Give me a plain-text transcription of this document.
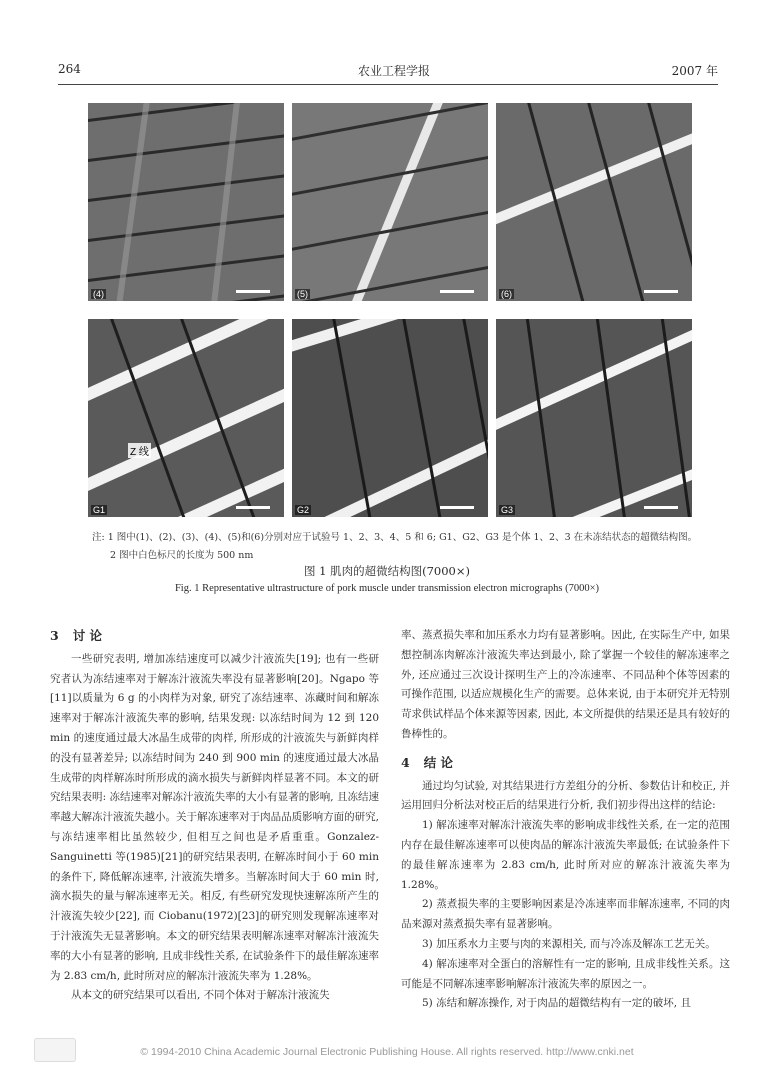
264	农业工程学报	2007 年
(4)	(5)	(6)
Z 线
G1	G2	G3
注: 1 图中(1)、(2)、(3)、(4)、(5)和(6)分别对应于试验号 1、2、3、4、5 和 6; G1、G2、G3 是个体 1、2、3 在未冻结状态的超微结构图。
2 图中白色标尺的长度为 500 nm
图 1 肌肉的超微结构图(7000×)
Fig. 1 Representative ultrastructure of pork muscle under transmission electron micrographs (7000×)
3 讨 论

一些研究表明, 增加冻结速度可以减少汁液流失[19]; 也有一些研究者认为冻结速率对于解冻汁液流失率没有显著影响[20]。Ngapo 等[11]以质量为 6 g 的小肉样为对象, 研究了冻结速率、冻藏时间和解冻速率对于解冻汁液流失率的影响, 结果发现: 以冻结时间为 12 到 120 min 的速度通过最大冰晶生成带的肉样, 所形成的汁液流失与新鲜肉样的没有显著差异; 以冻结时间为 240 到 900 min 的速度通过最大冰晶生成带的肉样解冻时所形成的滴水损失与新鲜肉样显著不同。本文的研究结果表明: 冻结速率对解冻汁液流失率的大小有显著的影响, 且冻结速率越大解冻汁液流失越小。关于解冻速率对于肉品品质影响方面的研究, 与冻结速率相比虽然较少, 但相互之间也是矛盾重重。Gonzalez-Sanguinetti 等(1985)[21]的研究结果表明, 在解冻时间小于 60 min 的条件下, 降低解冻速率, 汁液流失增多。当解冻时间大于 60 min 时, 滴水损失的量与解冻速率无关。相反, 有些研究发现快速解冻所产生的汁液流失较少[22], 而 Ciobanu(1972)[23]的研究则发现解冻速率对于汁液流失无显著影响。本文的研究结果表明解冻速率对解冻汁液流失率的大小有显著的影响, 且成非线性关系, 在试验条件下的最佳解冻速率为 2.83 cm/h, 此时所对应的解冻汁液流失率为 1.28%。

从本文的研究结果可以看出, 不同个体对于解冻汁液流失

率、蒸煮损失率和加压系水力均有显著影响。因此, 在实际生产中, 如果想控制冻肉解冻汁液流失率达到最小, 除了掌握一个较佳的解冻速率之外, 还应通过三次设计探明生产上的冷冻速率、不同品种个体等因素的可操作范围, 以适应规模化生产的需要。总体来说, 由于本研究并无特别苛求供试样品个体来源等因素, 因此, 本文所提供的结果还是具有较好的鲁棒性的。

4 结 论

通过均匀试验, 对其结果进行方差组分的分析、参数估计和校正, 并运用回归分析法对校正后的结果进行分析, 我们初步得出这样的结论:

1) 解冻速率对解冻汁液流失率的影响成非线性关系, 在一定的范围内存在最佳解冻速率可以使肉品的解冻汁液流失率最低; 在试验条件下的最佳解冻速率为 2.83 cm/h, 此时所对应的解冻汁液流失率为 1.28%。

2) 蒸煮损失率的主要影响因素是冷冻速率而非解冻速率, 不同的肉品来源对蒸煮损失率有显著影响。

3) 加压系水力主要与肉的来源相关, 而与冷冻及解冻工艺无关。

4) 解冻速率对全蛋白的溶解性有一定的影响, 且成非线性关系。这可能是不同解冻速率影响解冻汁液流失率的原因之一。

5) 冻结和解冻操作, 对于肉品的超微结构有一定的破坏, 且

© 1994-2010 China Academic Journal Electronic Publishing House. All rights reserved. http://www.cnki.net
